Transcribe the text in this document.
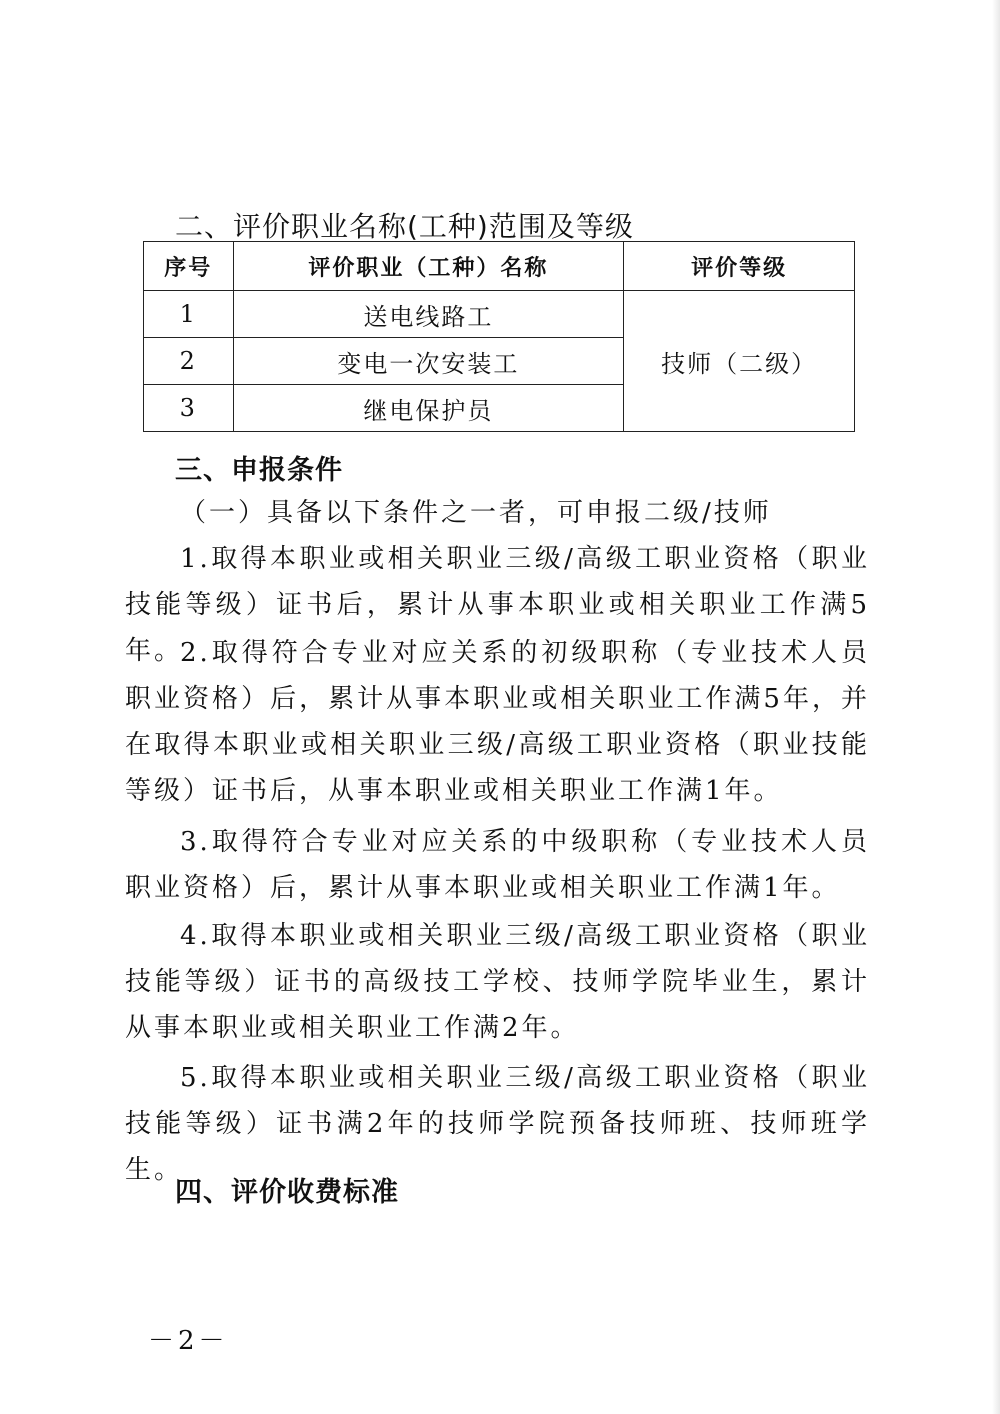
二、评价职业名称(工种)范围及等级
序号	评价职业（工种）名称	评价等级
1	送电线路工	技师（二级）
2	变电一次安装工	
3	继电保护员	
三、申报条件

（一）具备以下条件之一者，可申报二级/技师

1.取得本职业或相关职业三级/高级工职业资格（职业技能等级）证书后，累计从事本职业或相关职业工作满5年。

2.取得符合专业对应关系的初级职称（专业技术人员职业资格）后，累计从事本职业或相关职业工作满5年，并在取得本职业或相关职业三级/高级工职业资格（职业技能等级）证书后，从事本职业或相关职业工作满1年。

3.取得符合专业对应关系的中级职称（专业技术人员职业资格）后，累计从事本职业或相关职业工作满1年。

4.取得本职业或相关职业三级/高级工职业资格（职业技能等级）证书的高级技工学校、技师学院毕业生，累计从事本职业或相关职业工作满2年。

5.取得本职业或相关职业三级/高级工职业资格（职业技能等级）证书满2年的技师学院预备技师班、技师班学生。

四、评价收费标准
－2－
